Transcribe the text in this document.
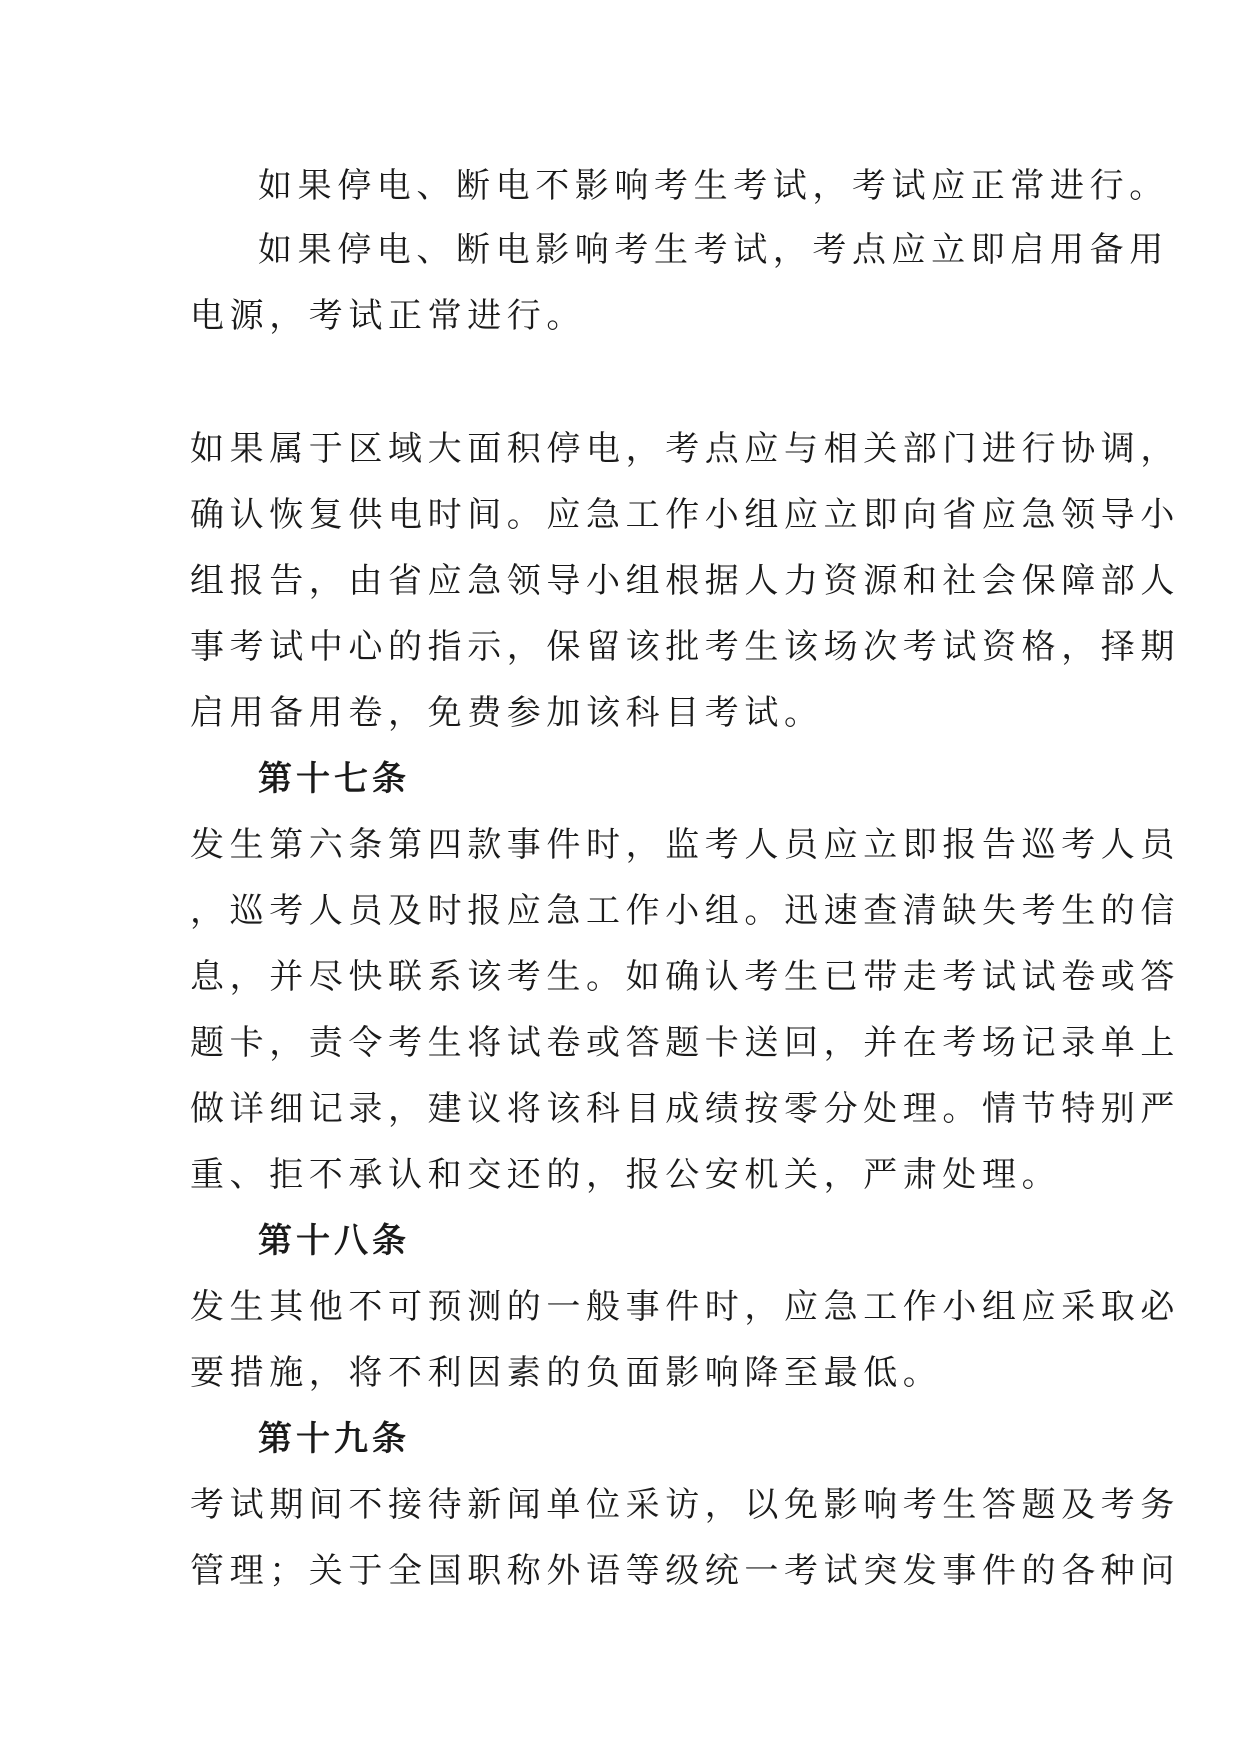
如果停电、断电不影响考生考试，考试应正常进行。
如果停电、断电影响考生考试，考点应立即启用备用
电源，考试正常进行。
如果属于区域大面积停电，考点应与相关部门进行协调，
确认恢复供电时间。应急工作小组应立即向省应急领导小
组报告，由省应急领导小组根据人力资源和社会保障部人
事考试中心的指示，保留该批考生该场次考试资格，择期
启用备用卷，免费参加该科目考试。
第十七条
发生第六条第四款事件时，监考人员应立即报告巡考人员
，巡考人员及时报应急工作小组。迅速查清缺失考生的信
息，并尽快联系该考生。如确认考生已带走考试试卷或答
题卡，责令考生将试卷或答题卡送回，并在考场记录单上
做详细记录，建议将该科目成绩按零分处理。情节特别严
重、拒不承认和交还的，报公安机关，严肃处理。
第十八条
发生其他不可预测的一般事件时，应急工作小组应采取必
要措施，将不利因素的负面影响降至最低。
第十九条
考试期间不接待新闻单位采访，以免影响考生答题及考务
管理；关于全国职称外语等级统一考试突发事件的各种问
